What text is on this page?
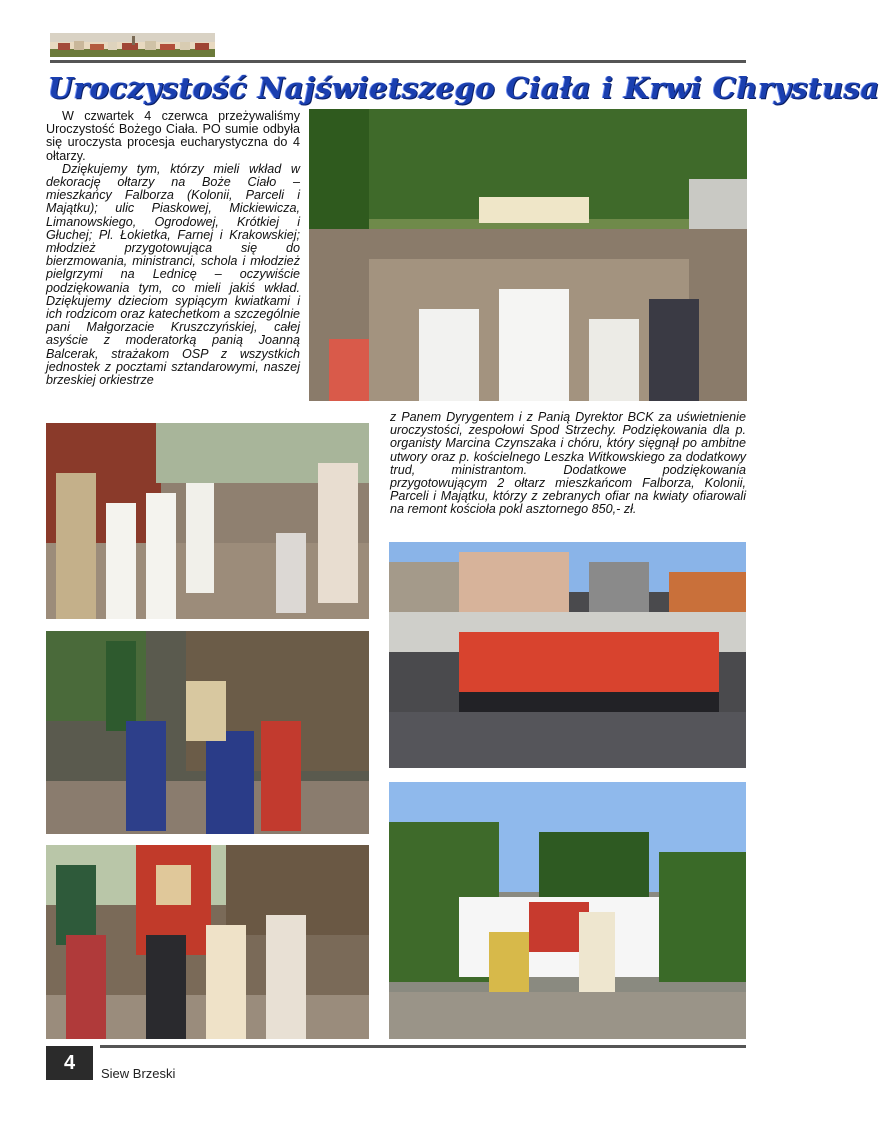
Uroczystość Najświetszego Ciała i Krwi Chrystusa

W czwartek 4 czerwca przeżywaliśmy Uroczystość Bożego Ciała. PO sumie odbyła się uroczysta procesja eucharystyczna do 4 ołtarzy.

Dziękujemy tym, którzy mieli wkład w dekorację ołtarzy na Boże Ciało – mieszkańcy Falborza (Kolonii, Parceli i Majątku); ulic Piaskowej, Mickiewicza, Limanowskiego, Ogrodowej, Krótkiej i Głuchej; Pl. Łokietka, Farnej i Krakowskiej; młodzież przygotowująca się do bierzmowania, ministranci, schola i młodzież pielgrzymi na Lednicę – oczywiście podziękowania tym, co mieli jakiś wkład. Dziękujemy dzieciom sypiącym kwiatkami i ich rodzicom oraz katechetkom a szczególnie pani Małgorzacie Kruszczyńskiej, całej asyście z moderatorką panią Joanną Balcerak, strażakom OSP z wszystkich jednostek z pocztami sztandarowymi, naszej brzeskiej orkiestrze

z Panem Dyrygentem i z Panią Dyrektor BCK za uświetnienie uroczystości, zespołowi Spod Strzechy. Podziękowania dla p. organisty Marcina Czynszaka i chóru, który sięgnął po ambitne utwory oraz p. kościelnego Leszka Witkowskiego za dodatkowy trud, ministrantom. Dodatkowe podziękowania przygotowującym 2 ołtarz mieszkańcom Falborza, Kolonii, Parceli i Majątku, którzy z zebranych ofiar na kwiaty ofiarowali na remont kościoła pokl asztornego 850,- zł.
4	Siew Brzeski
